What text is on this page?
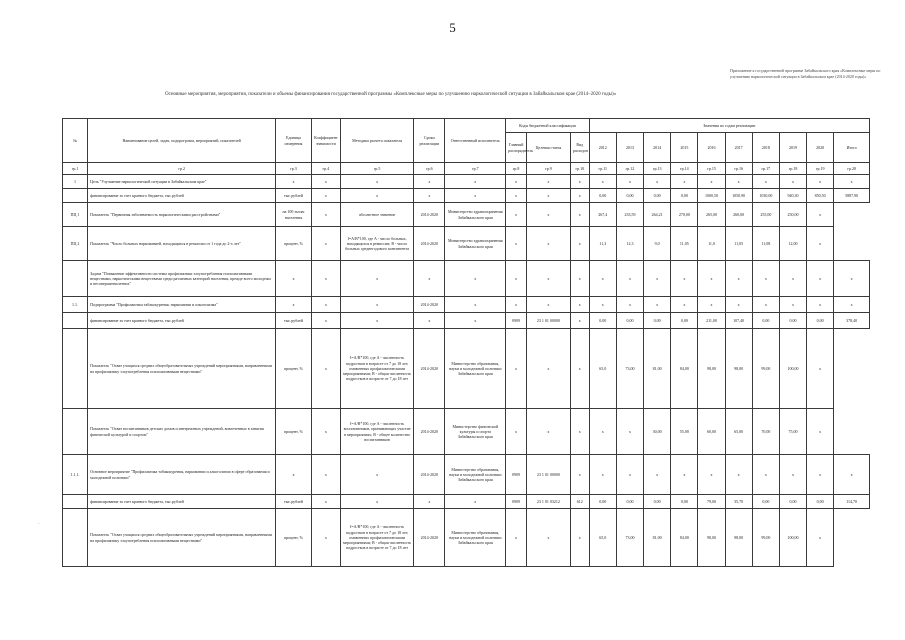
5
Приложение к государственной программе Забайкальского края «Комплексные меры по улучшению наркологической ситуации в Забайкальском крае (2014-2020 годы)»
Основные мероприятия, мероприятия, показатели и объемы финансирования государственной программы «Комплексные меры по улучшению наркологической ситуации в Забайкальском крае (2014–2020 годы)»
№	Наименование целей, задач, подпрограмм, мероприятий, показателей	Единица измерения	Коэффициент значимости	Методика расчета показателя	Сроки реализации	Ответственный исполнитель	Коды бюджетной классификации			Значения по годам реализации									
							Главный распорядитель	Целевая статья	Вид расходов	2012	2013	2014	2015	2016	2017	2018	2019	2020	Итого
гр.1	гр.2	гр.3	гр.4	гр.5	гр.6	гр.7	гр.8	гр.9	гр.10	гр.11	гр.12	гр.13	гр.14	гр.15	гр.16	гр.17	гр.18	гр.19	гр.20
1	Цель "Улучшение наркологической ситуации в Забайкальском крае"	х	х	х	х	х	х	х	х	х	х	х	х	х	х	х	х	х	х
	финансирование за счет краевого бюджета, тыс.рублей	тыс.рублей	х	х	х	х	х	х	х	0,00	0,00	0,00	0,00	1000,50	1050,90	1030,00	940,30	850,50	5887,90
ПЦ 1	Показатель "Первичная заболеваемость наркологическими расстройствами"	на 100 тысяч населения	х	абсолютное значение	2014-2020	Министерство здравоохранения Забайкальского края	х	х	х	267,4	233,59	264,21	270,00	265,00	260,00	255,00	250,00	х	
ПЦ 2	Показатель "Число больных наркоманией, находящихся в ремиссии от 1 года до 2-х лет"	процент, %	х	I=A/B*100, где A - число больных, находящихся в ремиссии; B - число больных среднегодового контингента	2014-2020	Министерство здравоохранения Забайкальского края	х	х	х	11,3	12,3	9,0	11,05	11,0	11,05	11,08	12,00	х	
	Задача "Повышение эффективности системы профилактики злоупотребления психоактивными веществами, наркотическими веществами среди различных категорий населения, прежде всего молодежи и несовершеннолетних"	х	х	х	х	х	х	х	х	х	х	х	х	х	х	х	х	х	х
1.1.	Подпрограмма "Профилактика табакокурения, наркомании и алкоголизма"	х	х	х	2014-2020	х	х	х	х	х	х	х	х	х	х	х	х	х	х
	финансирование за счет краевого бюджета, тыс.рублей	тыс.рублей	х	х	х	х	0909	23 1 01 00000	х	0,00	0,00	0,00	0,00	211,00	107,40	0,00	0,00	0,00	378,40
	Показатель "Охват учащихся средних общеобразовательных учреждений мероприятиями, направленными на профилактику злоупотребления психоактивными веществами"	процент, %	х	I=A/B*100, где A - численность подростков в возрасте от 7 до 18 лет, охваченных профилактическими мероприятиями; B - общая численность подростков в возрасте от 7 до 18 лет	2014-2020	Министерство образования, науки и молодежной политики Забайкальского края	х	х	х	65,0	73,00	81,00	84,00	98,00	98,00	99,00	100,00	х	
	Показатель "Охват воспитанников детских домов и интернатных учреждений, вовлеченных в занятия физической культурой и спортом"	процент, %	х	I=A/B*100, где A - численность воспитанников, принимающих участие в мероприятиях; B - общее количество воспитанников	2014-2020	Министерство физической культуры и спорта Забайкальского края	х	х	х	х	х	30,00	55,00	60,00	65,00	70,00	75,00	х	
1.1.1.	Основное мероприятие "Профилактика табакокурения, наркомании и алкоголизма в сфере образования и молодежной политики"	х	х	х	2014-2020	Министерство образования, науки и молодежной политики Забайкальского края	0909	23 1 01 00000	х	х	х	х	х	х	х	х	х	х	х
	финансирование за счет краевого бюджета, тыс.рублей	тыс.рублей	х	х	х	х	0909	23 1 01 03212	612	0,00	0,00	0,00	0,00	79,00	35,70	0,00	0,00	0,00	114,70
	Показатель "Охват учащихся средних общеобразовательных учреждений мероприятиями, направленными на профилактику злоупотребления психоактивными веществами"	процент, %	х	I=A/B*100, где A - численность подростков в возрасте от 7 до 18 лет, охваченных профилактическими мероприятиями; B - общая численность подростков в возрасте от 7 до 18 лет	2014-2020	Министерство образования, науки и молодежной политики Забайкальского края	х	х	х	65,0	73,00	81,00	84,00	98,00	98,00	99,00	100,00	х	
·
